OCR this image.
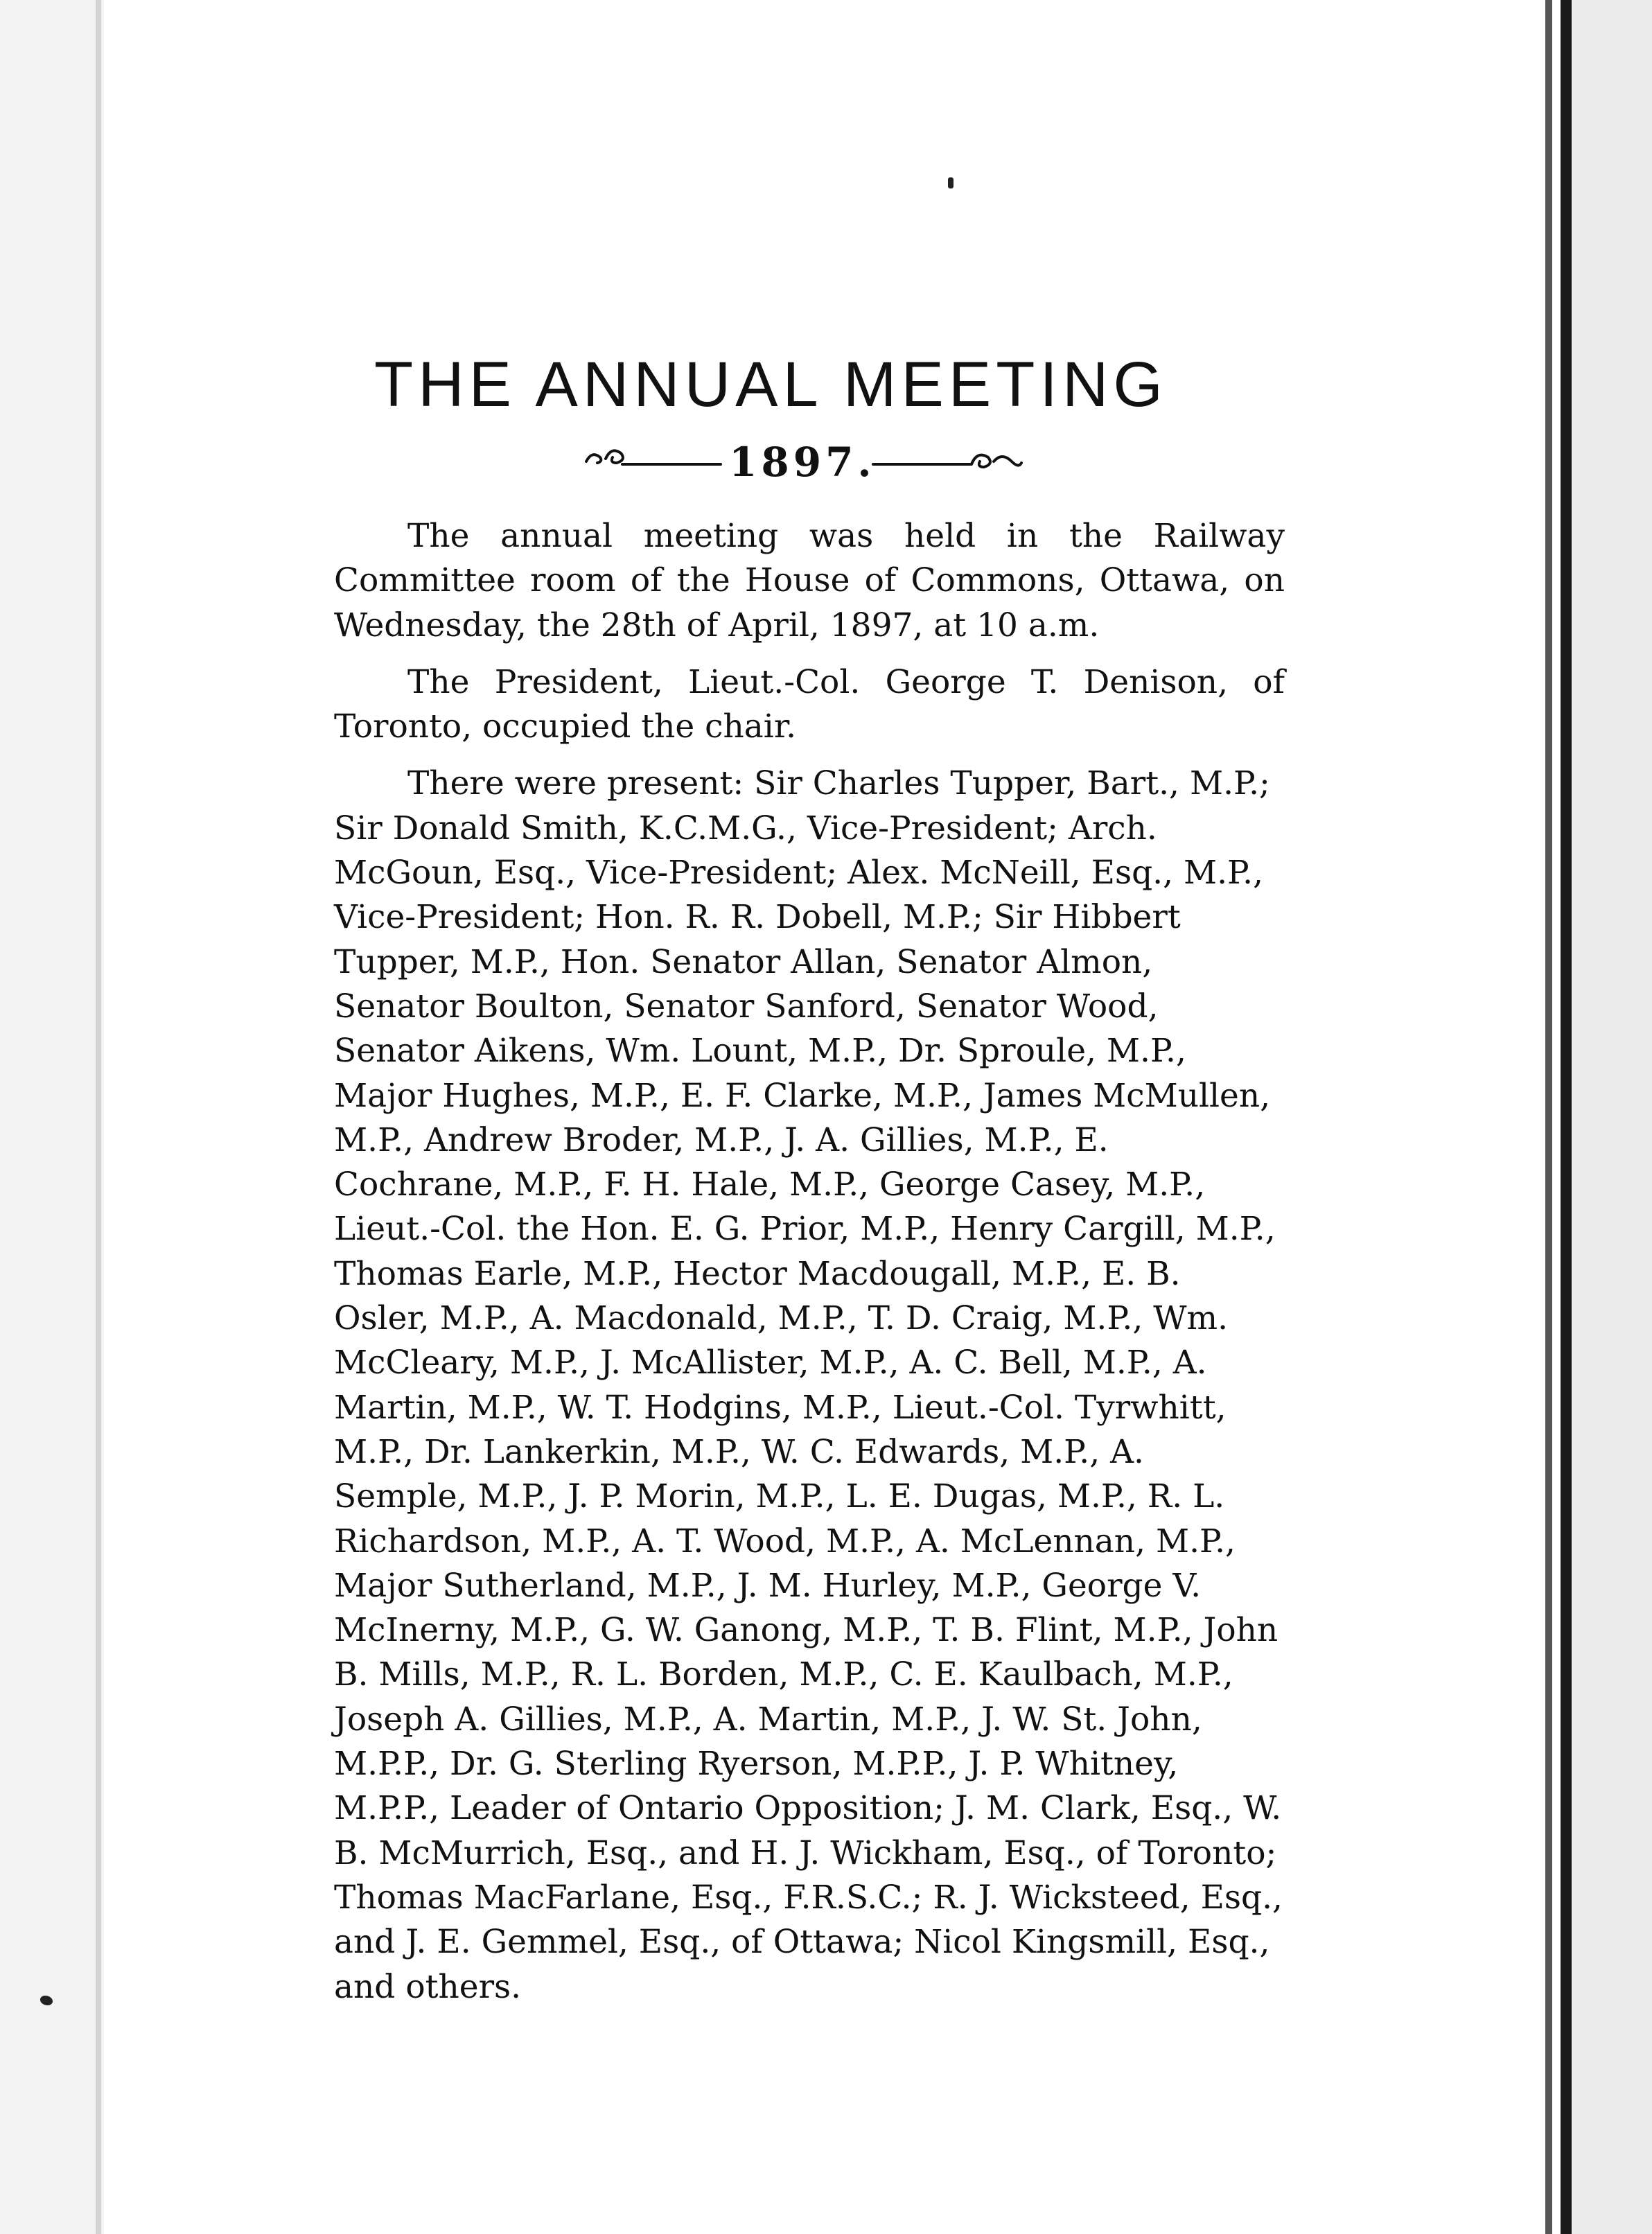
THE ANNUAL MEETING
1897.

The annual meeting was held in the Railway Committee room of the House of Commons, Ottawa, on Wednesday, the 28th of April, 1897, at 10 a.m.

The President, Lieut.-Col. George T. Denison, of Toronto, occupied the chair.

There were present: Sir Charles Tupper, Bart., M.P.; Sir Donald Smith, K.C.M.G., Vice-President; Arch. McGoun, Esq., Vice-President; Alex. McNeill, Esq., M.P., Vice-President; Hon. R. R. Dobell, M.P.; Sir Hibbert Tupper, M.P., Hon. Senator Allan, Senator Almon, Senator Boulton, Senator Sanford, Senator Wood, Senator Aikens, Wm. Lount, M.P., Dr. Sproule, M.P., Major Hughes, M.P., E. F. Clarke, M.P., James McMullen, M.P., Andrew Broder, M.P., J. A. Gillies, M.P., E. Cochrane, M.P., F. H. Hale, M.P., George Casey, M.P., Lieut.-Col. the Hon. E. G. Prior, M.P., Henry Cargill, M.P., Thomas Earle, M.P., Hector Macdougall, M.P., E. B. Osler, M.P., A. Macdonald, M.P., T. D. Craig, M.P., Wm. McCleary, M.P., J. McAllister, M.P., A. C. Bell, M.P., A. Martin, M.P., W. T. Hodgins, M.P., Lieut.-Col. Tyrwhitt, M.P., Dr. Lankerkin, M.P., W. C. Edwards, M.P., A. Semple, M.P., J. P. Morin, M.P., L. E. Dugas, M.P., R. L. Richardson, M.P., A. T. Wood, M.P., A. McLennan, M.P., Major Sutherland, M.P., J. M. Hurley, M.P., George V. McInerny, M.P., G. W. Ganong, M.P., T. B. Flint, M.P., John B. Mills, M.P., R. L. Borden, M.P., C. E. Kaulbach, M.P., Joseph A. Gillies, M.P., A. Martin, M.P., J. W. St. John, M.P.P., Dr. G. Sterling Ryerson, M.P.P., J. P. Whitney, M.P.P., Leader of Ontario Opposition; J. M. Clark, Esq., W. B. McMurrich, Esq., and H. J. Wickham, Esq., of Toronto; Thomas MacFarlane, Esq., F.R.S.C.; R. J. Wicksteed, Esq., and J. E. Gemmel, Esq., of Ottawa; Nicol Kingsmill, Esq., and others.
